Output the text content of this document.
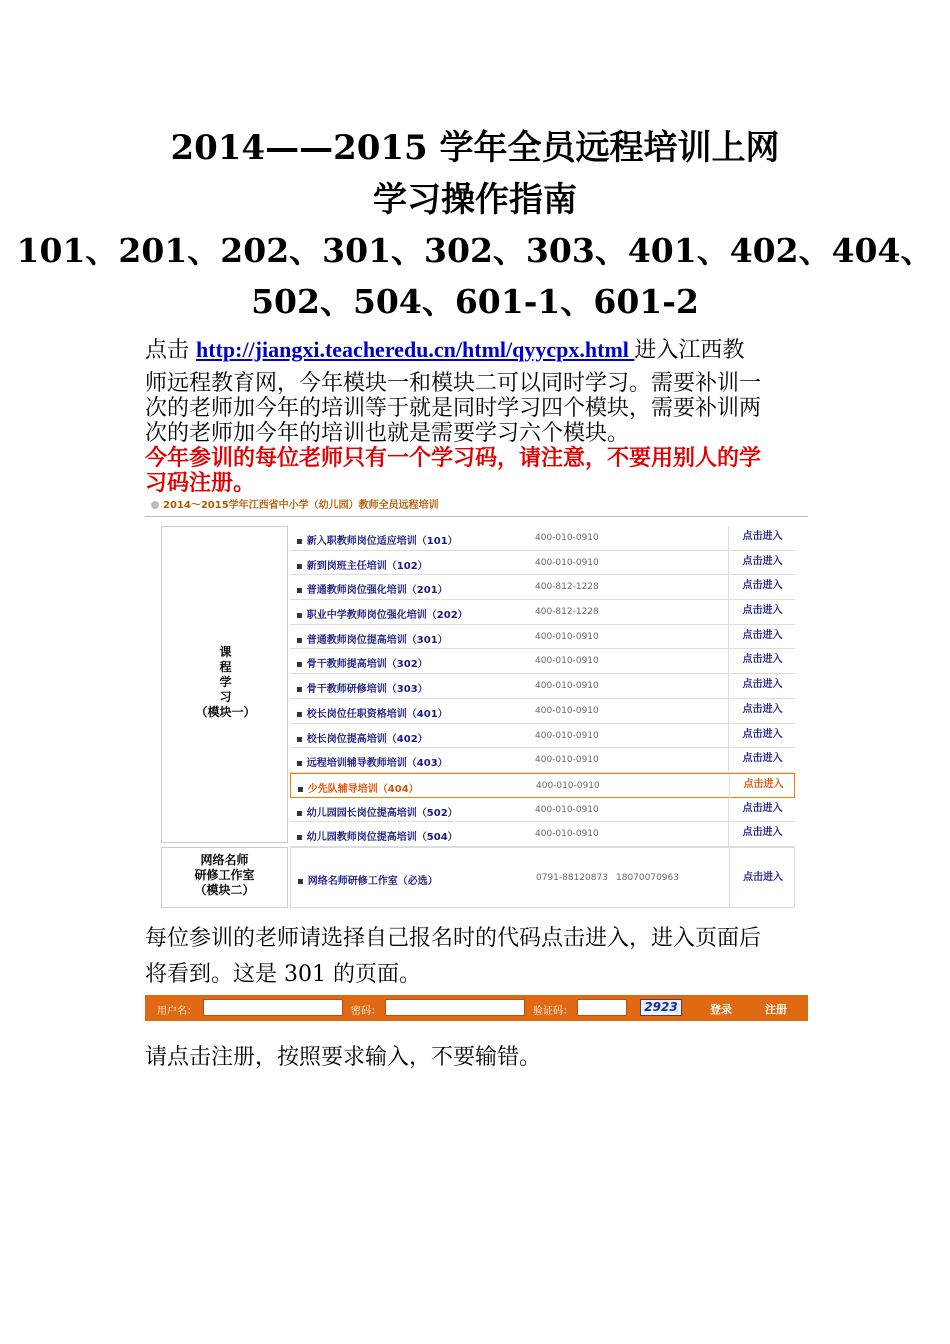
2014——2015 学年全员远程培训上网
学习操作指南
101、201、202、301、302、303、401、402、404、
502、504、601-1、601-2
点击 http://jiangxi.teacheredu.cn/html/qyycpx.html 进入江西教
师远程教育网，今年模块一和模块二可以同时学习。需要补训一
次的老师加今年的培训等于就是同时学习四个模块，需要补训两
次的老师加今年的培训也就是需要学习六个模块。
今年参训的每位老师只有一个学习码，请注意，不要用别人的学
习码注册。
2014～2015学年江西省中小学（幼儿园）教师全员远程培训
课
程
学
习
（模块一）
▪ 新入职教师岗位适应培训（101）	400-010-0910	点击进入
▪ 新到岗班主任培训（102）	400-010-0910	点击进入
▪ 普通教师岗位强化培训（201）	400-812-1228	点击进入
▪ 职业中学教师岗位强化培训（202）	400-812-1228	点击进入
▪ 普通教师岗位提高培训（301）	400-010-0910	点击进入
▪ 骨干教师提高培训（302）	400-010-0910	点击进入
▪ 骨干教师研修培训（303）	400-010-0910	点击进入
▪ 校长岗位任职资格培训（401）	400-010-0910	点击进入
▪ 校长岗位提高培训（402）	400-010-0910	点击进入
▪ 远程培训辅导教师培训（403）	400-010-0910	点击进入
▪ 少先队辅导培训（404）	400-010-0910	点击进入
▪ 幼儿园园长岗位提高培训（502）	400-010-0910	点击进入
▪ 幼儿园教师岗位提高培训（504）	400-010-0910	点击进入
网络名师
研修工作室
（模块二）
▪ 网络名师研修工作室（必选）	0791-88120873 18070070963	点击进入
每位参训的老师请选择自己报名时的代码点击进入，进入页面后
将看到。这是 301 的页面。
用户名：	密码：	验证码：	2923	登录	注册
请点击注册，按照要求输入，不要输错。
